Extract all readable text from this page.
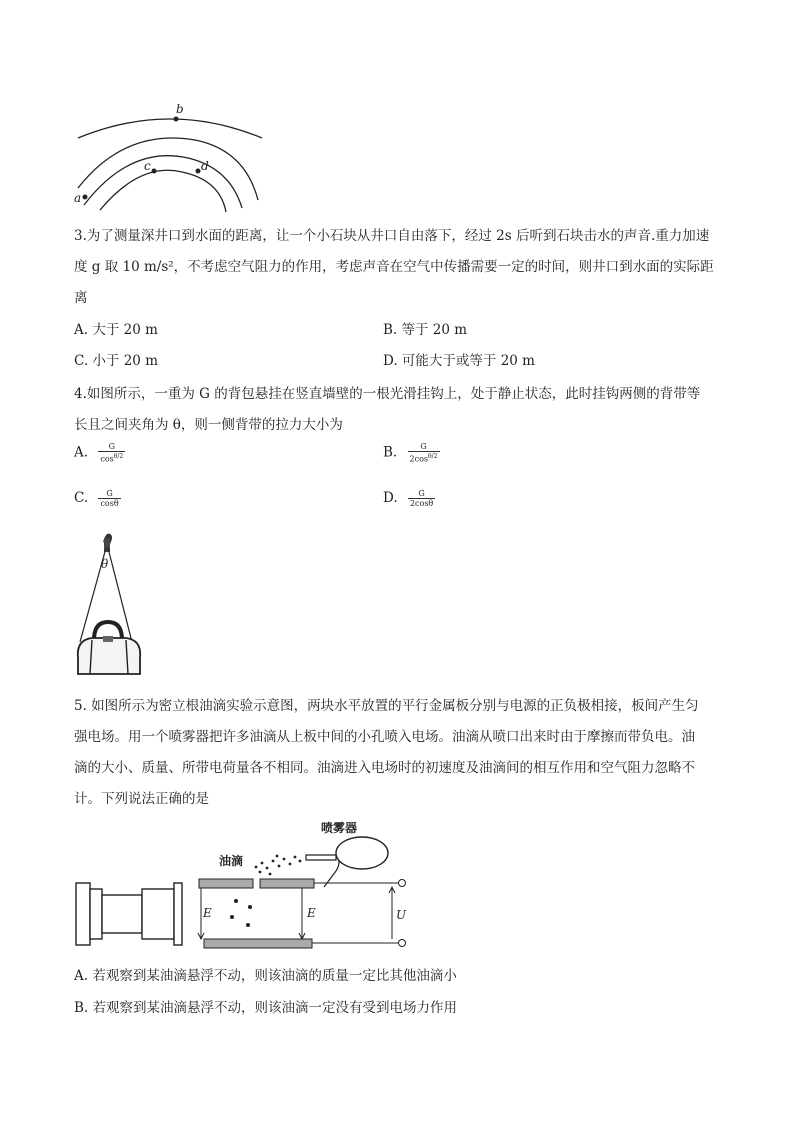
b
c	d
a
3.为了测量深井口到水面的距离，让一个小石块从井口自由落下，经过 2s 后听到石块击水的声音.重力加速
度 g 取 10 m/s²，不考虑空气阻力的作用，考虑声音在空气中传播需要一定的时间，则井口到水面的实际距
离
A. 大于 20 m	B. 等于 20 m
C. 小于 20 m	D. 可能大于或等于 20 m
4.如图所示，一重为 G 的背包悬挂在竖直墙壁的一根光滑挂钩上，处于静止状态，此时挂钩两侧的背带等
长且之间夹角为 θ，则一侧背带的拉力大小为
A. $\frac{G}{\cos^{\theta/2}}$	B. $\frac{G}{2\cos^{\theta/2}}$
C. $\frac{G}{\cos\theta}$	D. $\frac{G}{2\cos\theta}$
θ
5. 如图所示为密立根油滴实验示意图，两块水平放置的平行金属板分别与电源的正负极相接，板间产生匀
强电场。用一个喷雾器把许多油滴从上板中间的小孔喷入电场。油滴从喷口出来时由于摩擦而带负电。油
滴的大小、质量、所带电荷量各不相同。油滴进入电场时的初速度及油滴间的相互作用和空气阻力忽略不
计。下列说法正确的是
E	E
喷雾器
油滴
U
A. 若观察到某油滴悬浮不动，则该油滴的质量一定比其他油滴小
B. 若观察到某油滴悬浮不动，则该油滴一定没有受到电场力作用
